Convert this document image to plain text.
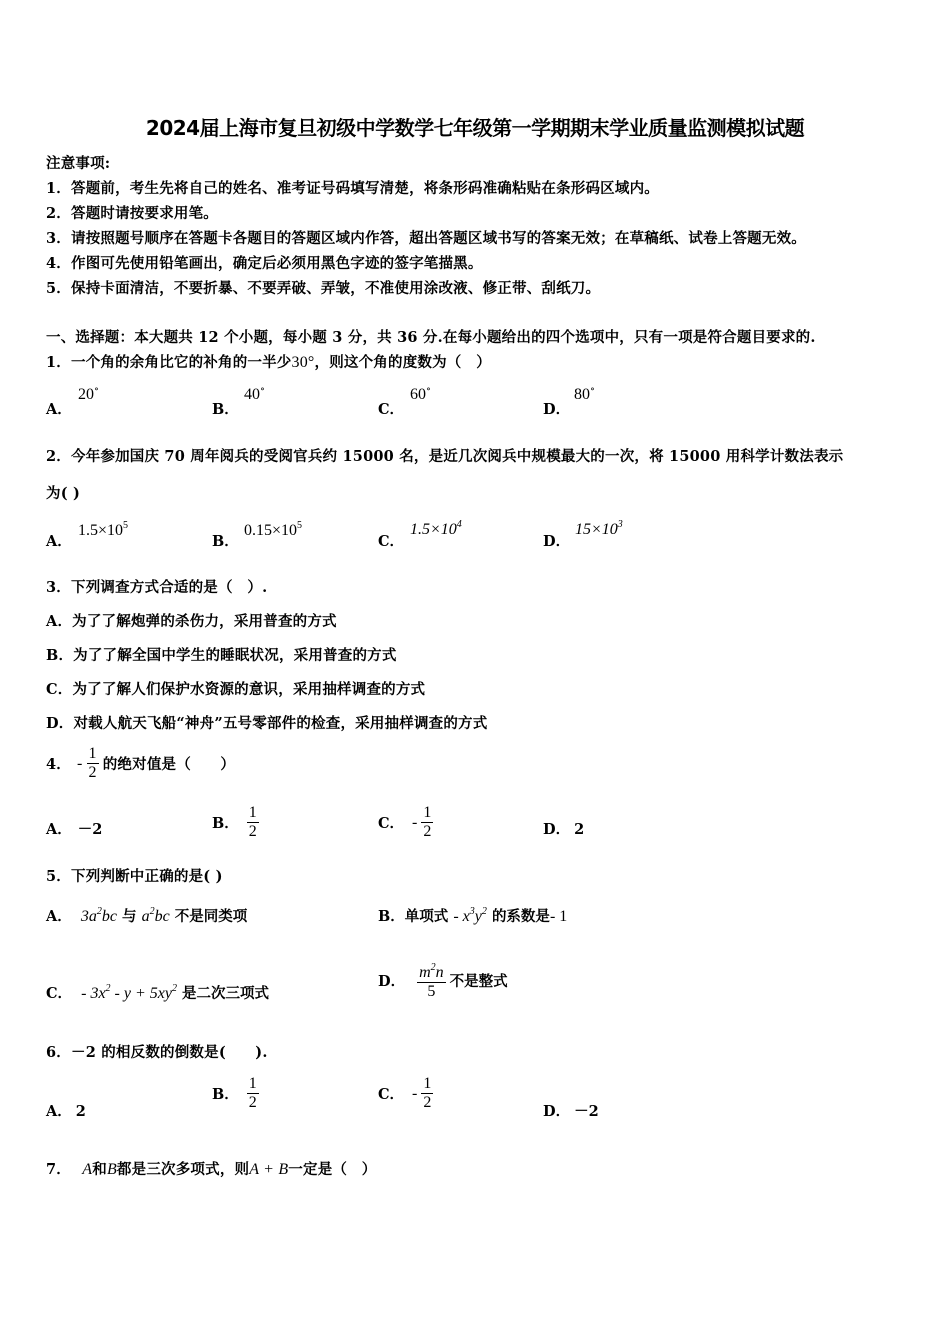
2024届上海市复旦初级中学数学七年级第一学期期末学业质量监测模拟试题
注意事项:
1．答题前，考生先将自己的姓名、准考证号码填写清楚，将条形码准确粘贴在条形码区域内。
2．答题时请按要求用笔。
3．请按照题号顺序在答题卡各题目的答题区域内作答，超出答题区域书写的答案无效；在草稿纸、试卷上答题无效。
4．作图可先使用铅笔画出，确定后必须用黑色字迹的签字笔描黑。
5．保持卡面清洁，不要折暴、不要弄破、弄皱，不准使用涂改液、修正带、刮纸刀。
一、选择题：本大题共 12 个小题，每小题 3 分，共 36 分.在每小题给出的四个选项中，只有一项是符合题目要求的.
1．一个角的余角比它的补角的一半少30°，则这个角的度数为（　）
A．
20∘
B．
40∘
C．
60∘
D．
80∘
2．今年参加国庆 70 周年阅兵的受阅官兵约 15000 名，是近几次阅兵中规模最大的一次，将 15000 用科学计数法表示
为( )
A．
$1.5\times 10^5$
B．
$0.15\times 10^5$
C．
$1.5\times 10^4$
D．
$15\times 10^3$
3．下列调查方式合适的是（　）.
A．为了了解炮弹的杀伤力，采用普查的方式
B．为了了解全国中学生的睡眠状况，采用普查的方式
C．为了了解人们保护水资源的意识，采用抽样调查的方式
D．对载人航天飞船“神舟”五号零部件的检查，采用抽样调查的方式
4． - $\frac{1}{2}$ 的绝对值是（　　）
A． －2	B． $\frac{1}{2}$	C． - $\frac{1}{2}$	D． 2
5．下列判断中正确的是( )
A． $3a^2bc$ 与 $a^2bc$ 不是同类项	B．单项式 - $x^3y^2$ 的系数是- 1
C． - $3x^2 - y + 5xy^2$ 是二次三项式
D． $\frac{m^2n}{5}$ 不是整式
6．－2 的相反数的倒数是(　　).
A． 2
B． $\frac{1}{2}$	C． - $\frac{1}{2}$
D． －2
7． A和B都是三次多项式，则A + B一定是（　）
